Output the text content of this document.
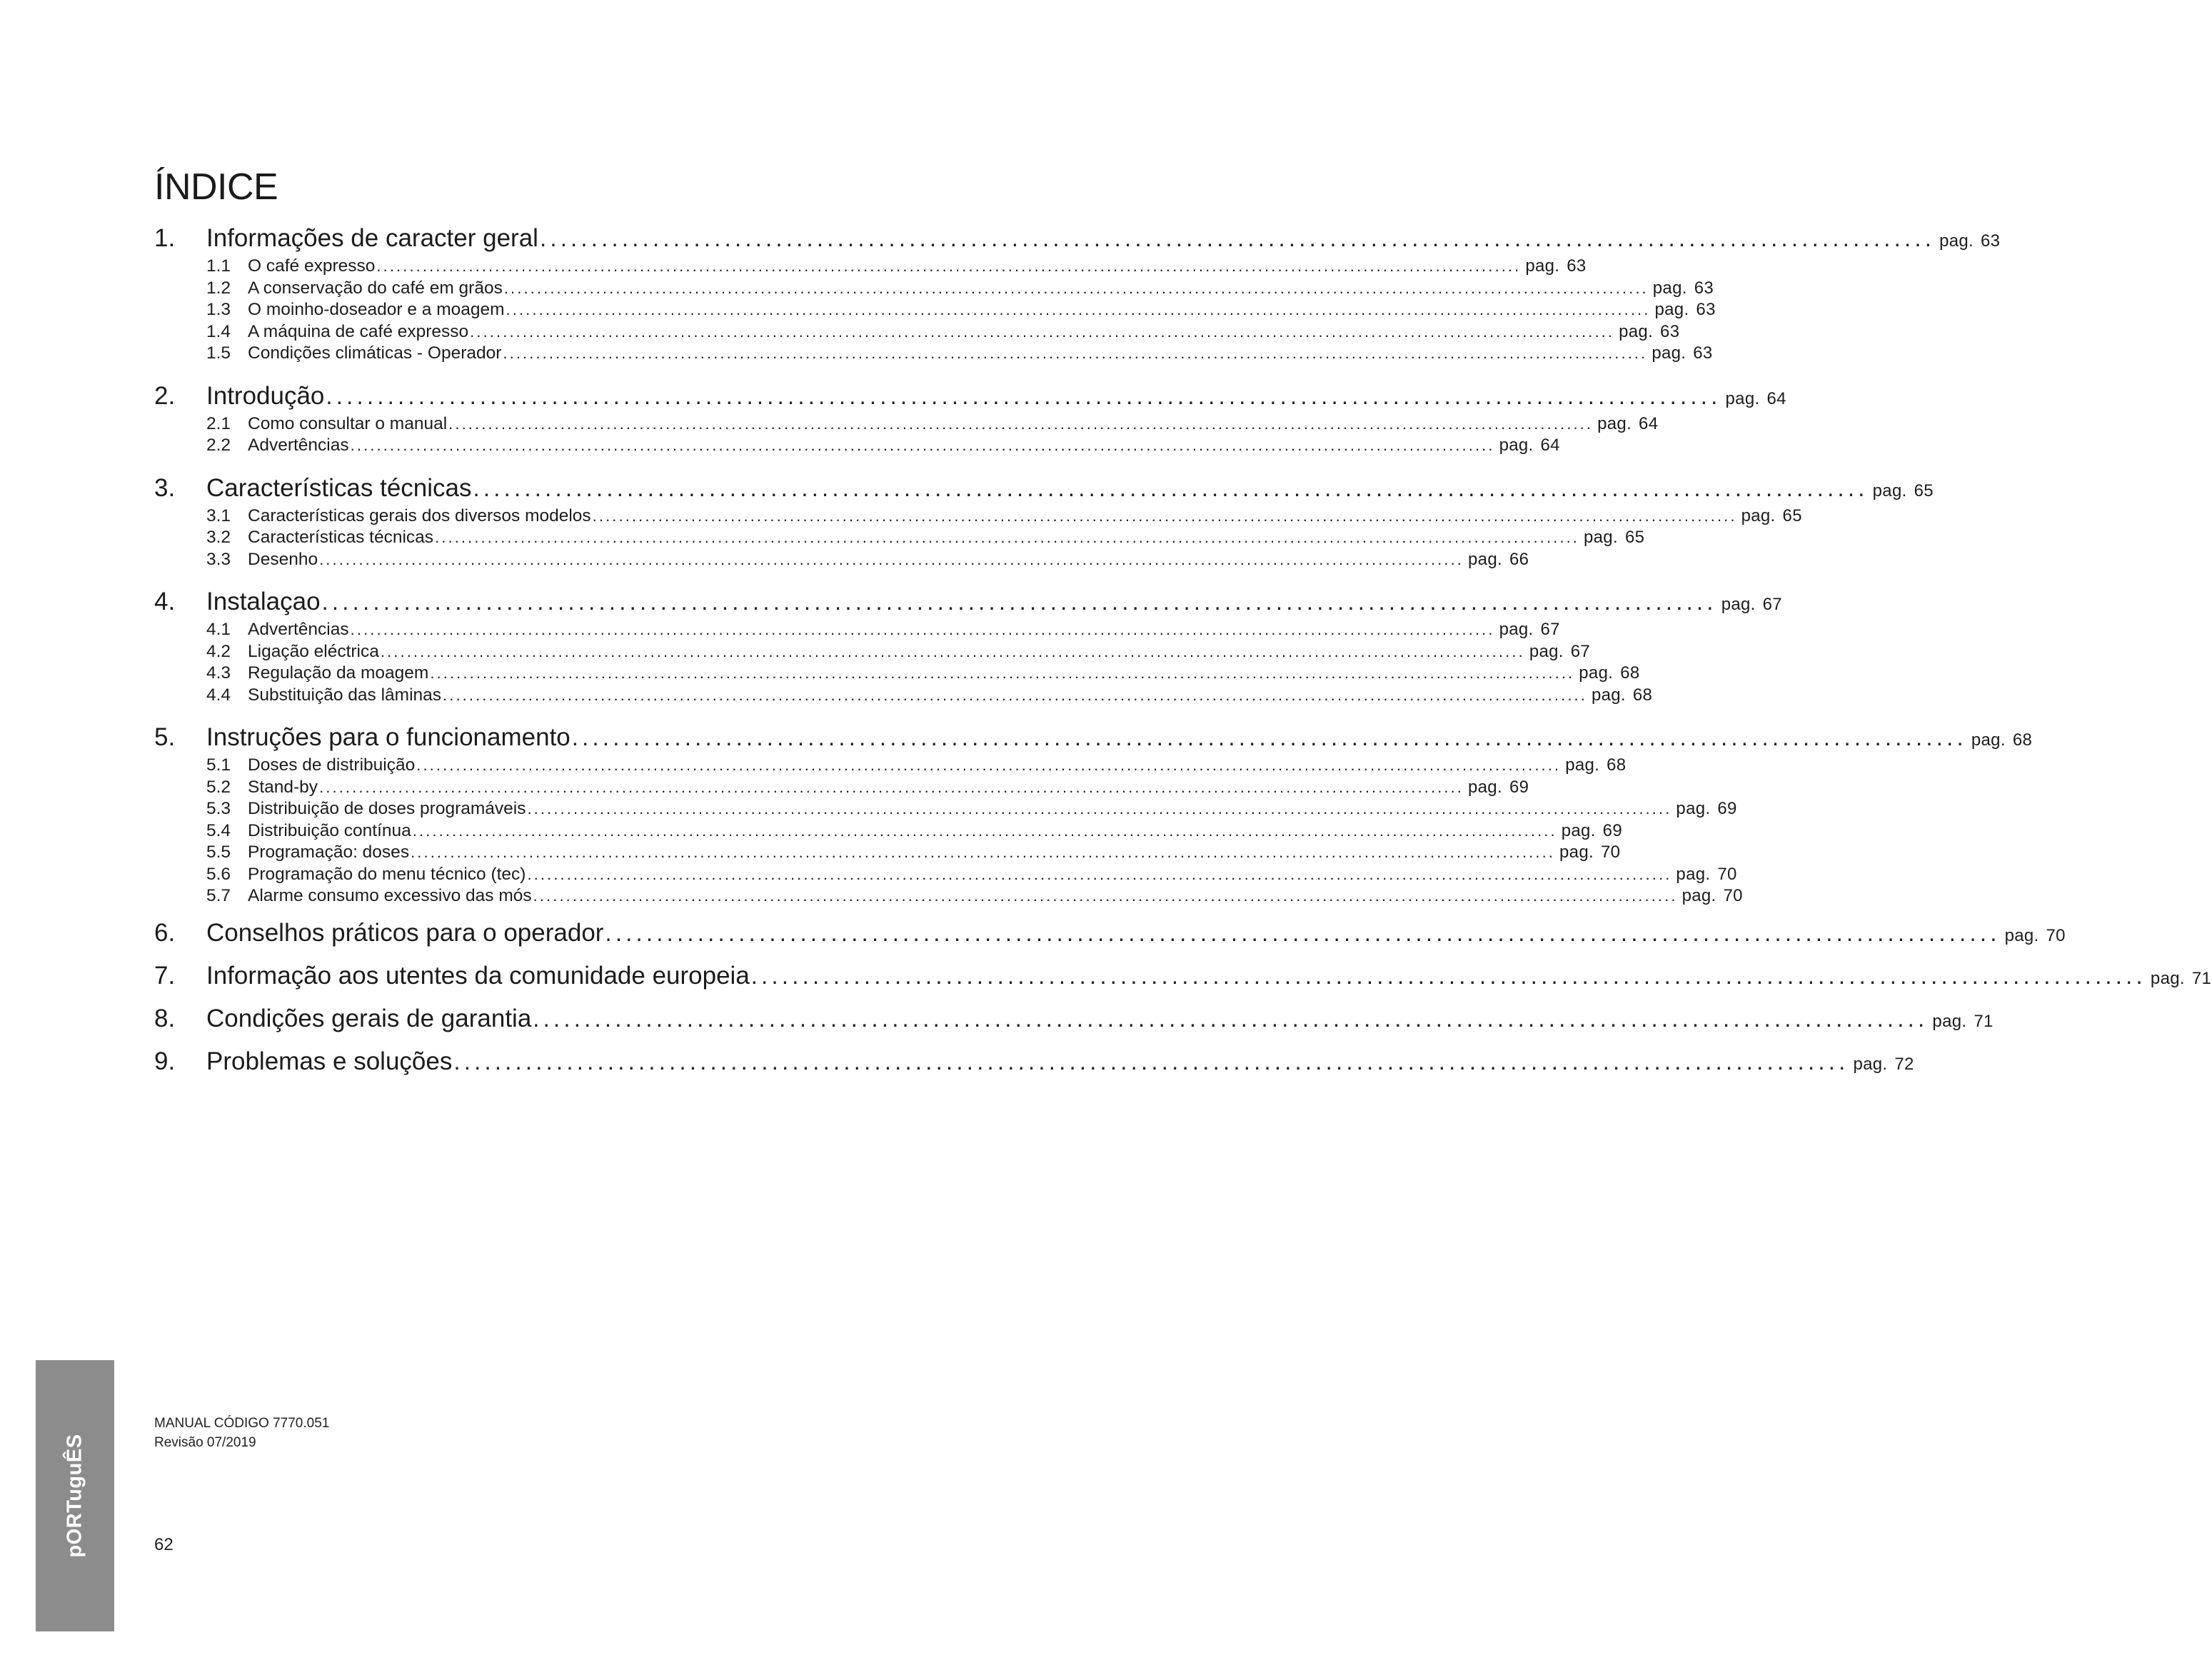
ÍNDICE
1.	Informações de caracter geral ........................................................................................................................................ pag. 63
1.1 O café expresso .............................................................................................................................................................................. pag. 63
1.2 A conservação do café em grãos .............................................................................................................................................................................. pag. 63
1.3 O moinho-doseador e a moagem .............................................................................................................................................................................. pag. 63
1.4 A máquina de café expresso .............................................................................................................................................................................. pag. 63
1.5 Condições climáticas - Operador .............................................................................................................................................................................. pag. 63
2.	Introdução ........................................................................................................................................ pag. 64
2.1 Como consultar o manual .............................................................................................................................................................................. pag. 64
2.2 Advertências .............................................................................................................................................................................. pag. 64
3.	Características técnicas ........................................................................................................................................ pag. 65
3.1 Características gerais dos diversos modelos .............................................................................................................................................................................. pag. 65
3.2 Características técnicas .............................................................................................................................................................................. pag. 65
3.3 Desenho .............................................................................................................................................................................. pag. 66
4.	Instalaçao ........................................................................................................................................ pag. 67
4.1 Advertências .............................................................................................................................................................................. pag. 67
4.2 Ligação eléctrica .............................................................................................................................................................................. pag. 67
4.3 Regulação da moagem .............................................................................................................................................................................. pag. 68
4.4 Substituição das lâminas .............................................................................................................................................................................. pag. 68
5.	Instruções para o funcionamento ........................................................................................................................................ pag. 68
5.1 Doses de distribuição .............................................................................................................................................................................. pag. 68
5.2 Stand-by .............................................................................................................................................................................. pag. 69
5.3 Distribuição de doses programáveis .............................................................................................................................................................................. pag. 69
5.4 Distribuição contínua .............................................................................................................................................................................. pag. 69
5.5 Programação: doses .............................................................................................................................................................................. pag. 70
5.6 Programação do menu técnico (tec) .............................................................................................................................................................................. pag. 70
5.7 Alarme consumo excessivo das mós .............................................................................................................................................................................. pag. 70
6.	Conselhos práticos para o operador ........................................................................................................................................ pag. 70
7.	Informação aos utentes da comunidade europeia ........................................................................................................................................ pag. 71
8.	Condições gerais de garantia ........................................................................................................................................ pag. 71
9.	Problemas e soluções ........................................................................................................................................ pag. 72
pORTuguÊS
MANUAL CÓDIGO 7770.051
Revisão 07/2019
62
